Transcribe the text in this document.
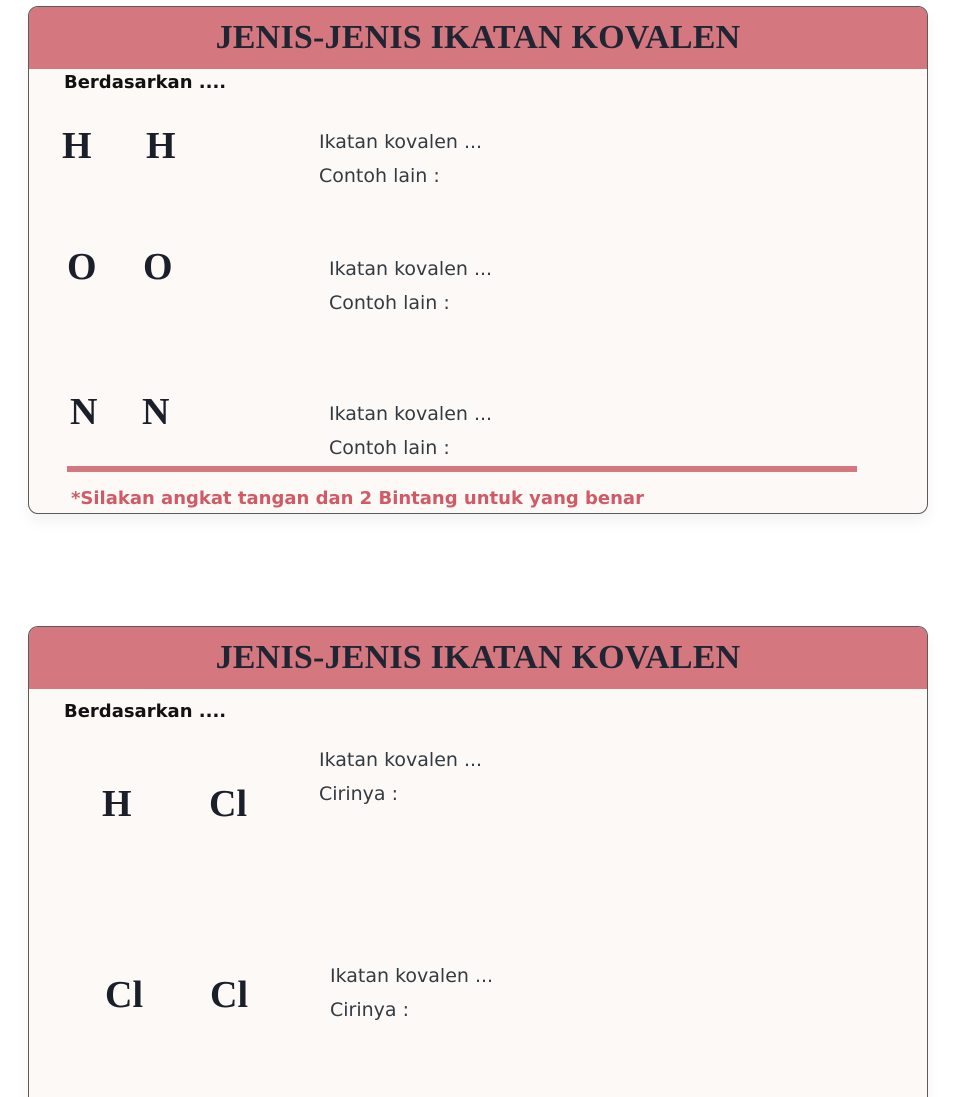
JENIS-JENIS IKATAN KOVALEN
Berdasarkan ....
H H	Ikatan kovalen ...
Contoh lain :
O O	Ikatan kovalen ...
Contoh lain :
N N	Ikatan kovalen ...
Contoh lain :
*Silakan angkat tangan dan 2 Bintang untuk yang benar
JENIS-JENIS IKATAN KOVALEN
Berdasarkan ....
H Cl
Ikatan kovalen ...
Cirinya :
Cl Cl	Ikatan kovalen ...
Cirinya :
